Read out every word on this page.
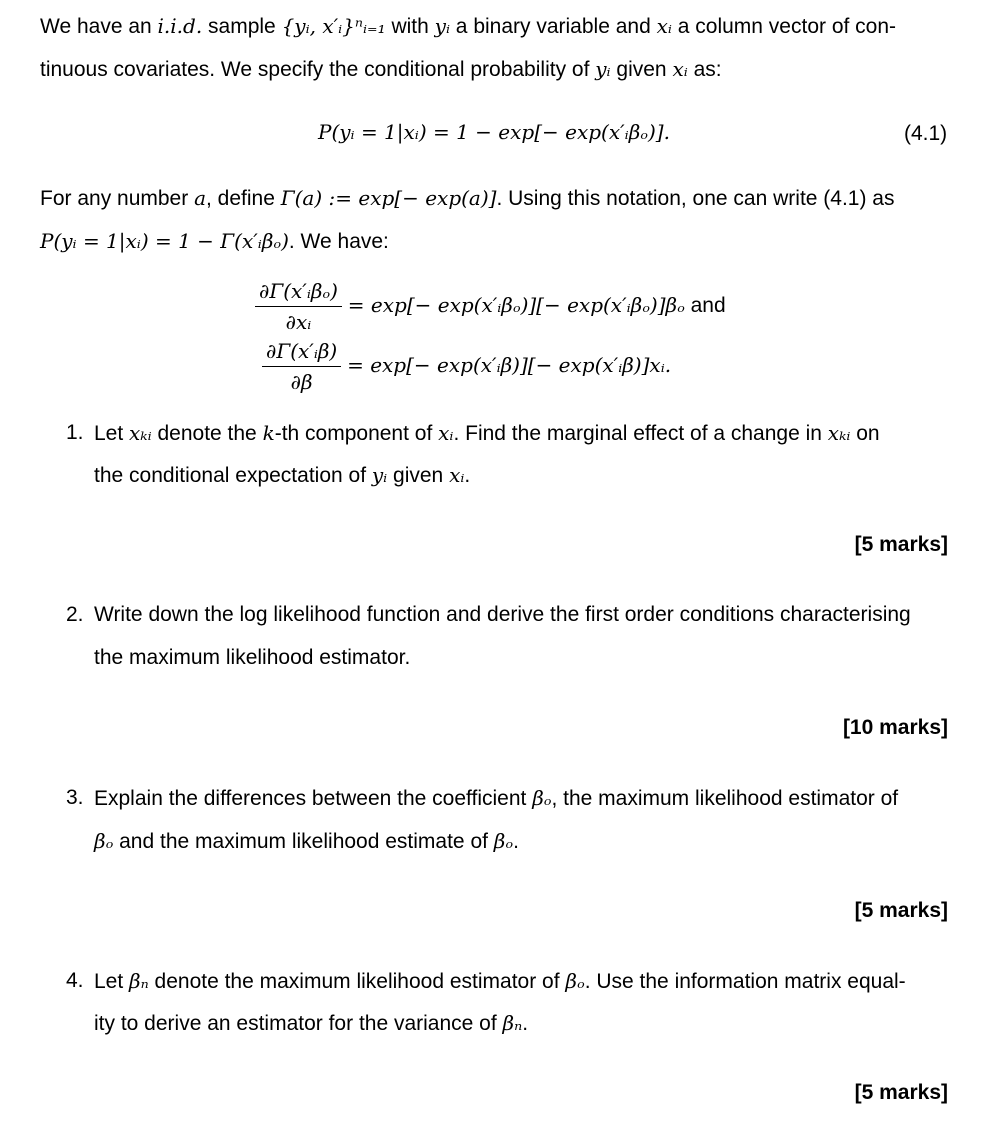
We have an i.i.d. sample {yᵢ, x′ᵢ}ⁿᵢ₌₁ with yᵢ a binary variable and xᵢ a column vector of con-
tinuous covariates. We specify the conditional probability of yᵢ given xᵢ as:
P(yᵢ = 1|xᵢ) = 1 − exp[− exp(x′ᵢβₒ)].	(4.1)
For any number a, define Γ(a) := exp[− exp(a)]. Using this notation, one can write (4.1) as
P(yᵢ = 1|xᵢ) = 1 − Γ(x′ᵢβₒ). We have:
$\frac{\text{∂Γ(x′ᵢβₒ)}}{\text{∂xᵢ}} = \exp[-$ exp(x′ᵢβₒ)][− exp(x′ᵢβₒ)]βₒ and
$\frac{\text{∂Γ(x′ᵢβ)}}{\partial\beta} = \exp[-$ exp(x′ᵢβ)][− exp(x′ᵢβ)]xᵢ.
1. Let xₖᵢ denote the k-th component of xᵢ. Find the marginal effect of a change in xₖᵢ on
the conditional expectation of yᵢ given xᵢ.
[5 marks]
2. Write down the log likelihood function and derive the first order conditions characterising
the maximum likelihood estimator.
[10 marks]
3. Explain the differences between the coefficient βₒ, the maximum likelihood estimator of
βₒ and the maximum likelihood estimate of βₒ.
[5 marks]
4. Let βₙ denote the maximum likelihood estimator of βₒ. Use the information matrix equal-
ity to derive an estimator for the variance of βₙ.
[5 marks]
